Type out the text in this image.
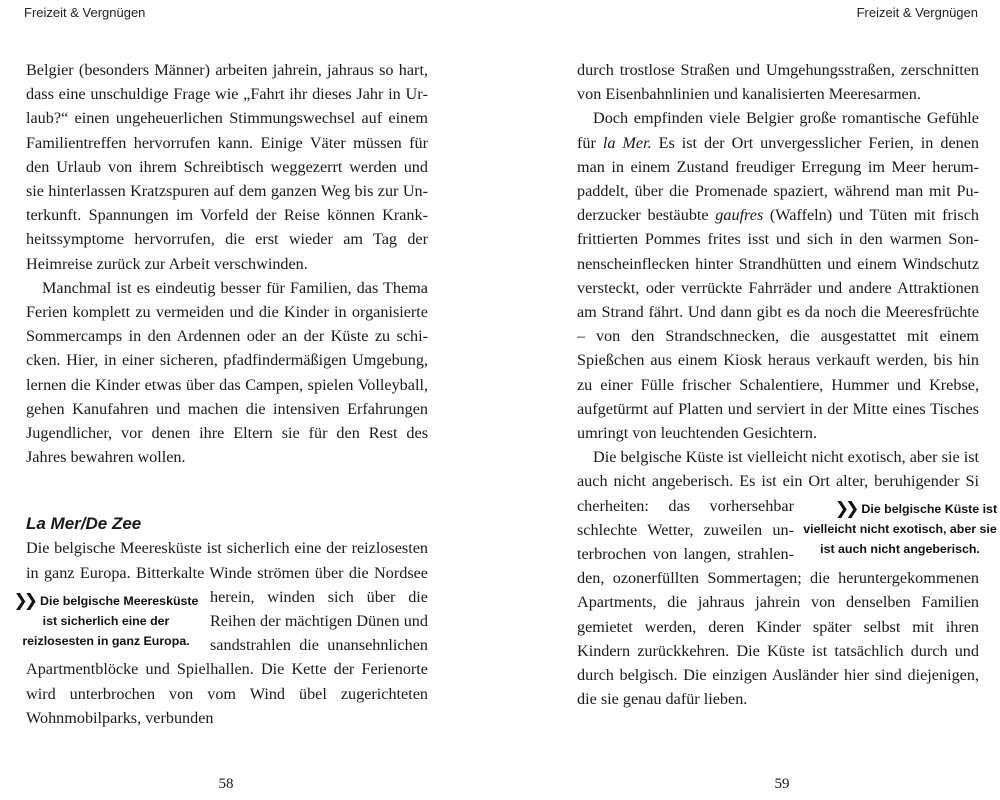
Freizeit & Vergnügen

Belgier (besonders Männer) arbeiten jahrein, jahraus so hart, dass eine unschuldige Frage wie „Fahrt ihr dieses Jahr in Urlaub?“ einen ungeheuerlichen Stimmungswechsel auf einem Familientreffen hervorrufen kann. Einige Väter müssen für den Urlaub von ihrem Schreibtisch weggezerrt werden und sie hinterlassen Kratzspuren auf dem ganzen Weg bis zur Unterkunft. Spannungen im Vorfeld der Reise können Krankheitssymptome hervorrufen, die erst wieder am Tag der Heimreise zurück zur Arbeit verschwinden.

Manchmal ist es eindeutig besser für Familien, das Thema Ferien komplett zu vermeiden und die Kinder in organisierte Sommercamps in den Ardennen oder an der Küste zu schicken. Hier, in einer sicheren, pfadfindermäßigen Umgebung, lernen die Kinder etwas über das Campen, spielen Volleyball, gehen Kanufahren und machen die intensiven Erfahrungen Jugendlicher, vor denen ihre Eltern sie für den Rest des Jahres bewahren wollen.

La Mer/De Zee

Die belgische Meeresküste ist sicherlich eine der reizlosesten in ganz Europa. Bitterkalte Winde strömen über die Nordsee
❯❯ Die belgische Meeresküste ist sicherlich eine der reizlosesten in ganz Europa.
herein, winden sich über die Reihen der mächtigen Dünen und sandstrahlen die unansehnlichen Apartmentblöcke und Spielhallen. Die Kette der Ferienorte wird unterbrochen von vom Wind übel zugerichteten Wohnmobilparks, verbunden

58
Freizeit & Vergnügen

durch trostlose Straßen und Umgehungsstraßen, zerschnitten von Eisenbahnlinien und kanalisierten Meeresarmen.

Doch empfinden viele Belgier große romantische Gefühle für la Mer. Es ist der Ort unvergesslicher Ferien, in denen man in einem Zustand freudiger Erregung im Meer herumpaddelt, über die Promenade spaziert, während man mit Puderzucker bestäubte gaufres (Waffeln) und Tüten mit frisch frittierten Pommes frites isst und sich in den warmen Sonnenscheinflecken hinter Strandhütten und einem Windschutz versteckt, oder verrückte Fahrräder und andere Attraktionen am Strand fährt. Und dann gibt es da noch die Meeresfrüchte – von den Strandschnecken, die ausgestattet mit einem Spießchen aus einem Kiosk heraus verkauft werden, bis hin zu einer Fülle frischer Schalentiere, Hummer und Krebse, aufgetürmt auf Platten und serviert in der Mitte eines Tisches umringt von leuchtenden Gesichtern.

Die belgische Küste ist vielleicht nicht exotisch, aber sie ist auch nicht angeberisch. Es ist ein Ort alter, beruhigender Si
❯❯ Die belgische Küste ist vielleicht nicht exotisch, aber sie ist auch nicht angeberisch.
cherheiten: das vorhersehbar schlechte Wetter, zuweilen unterbrochen von langen, strahlenden, ozonerfüllten Sommertagen; die heruntergekommenen Apartments, die jahraus jahrein von denselben Familien gemietet werden, deren Kinder später selbst mit ihren Kindern zurückkehren. Die Küste ist tatsächlich durch und durch belgisch. Die einzigen Ausländer hier sind diejenigen, die sie genau dafür lieben.

59
